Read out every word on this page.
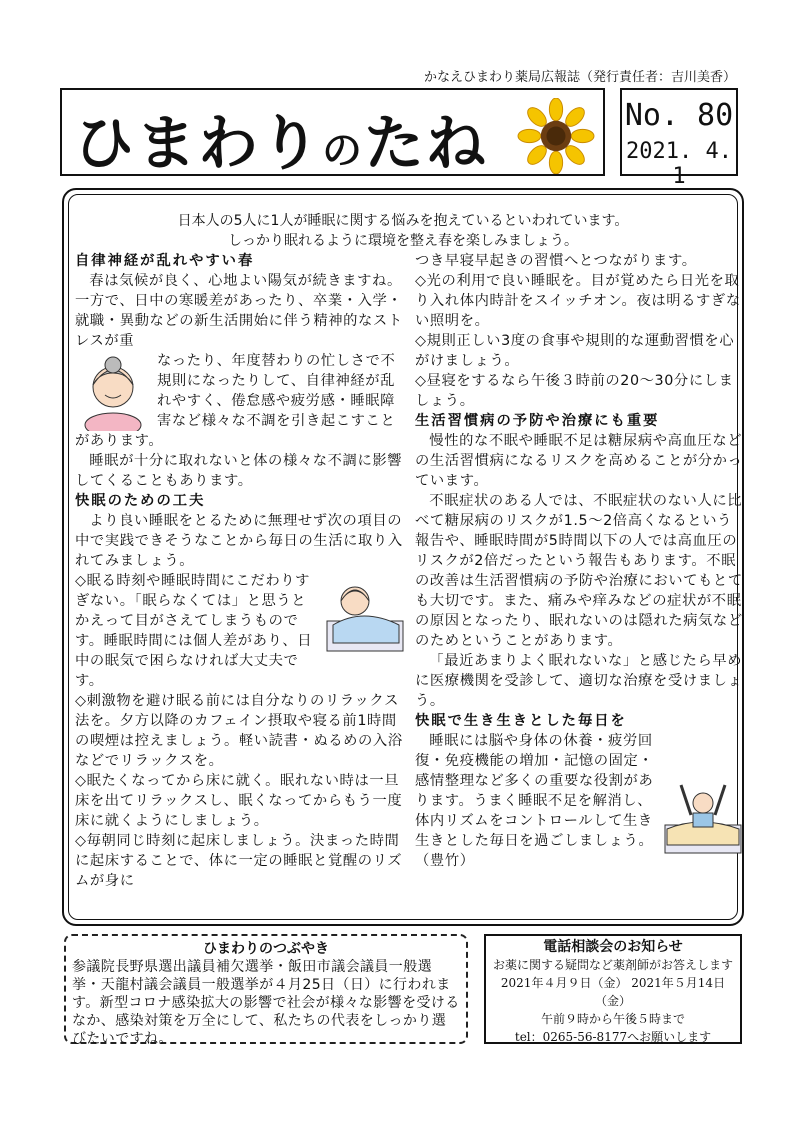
かなえひまわり薬局広報誌（発行責任者：吉川美香）
ひまわりのたね	No. 80
2021. 4. 1
日本人の5人に1人が睡眠に関する悩みを抱えているといわれています。
しっかり眠れるように環境を整え春を楽しみましょう。

自律神経が乱れやすい春

春は気候が良く、心地よい陽気が続きますね。一方で、日中の寒暖差があったり、卒業・入学・就職・異動などの新生活開始に伴う精神的なストレスが重

なったり、年度替わりの忙しさで不規則になったりして、自律神経が乱れやすく、倦怠感や疲労感・睡眠障害など様々な不調を引き起こすことがあります。

睡眠が十分に取れないと体の様々な不調に影響してくることもあります。

快眠のための工夫

より良い睡眠をとるために無理せず次の項目の中で実践できそうなことから毎日の生活に取り入れてみましょう。

◇眠る時刻や睡眠時間にこだわりすぎない。「眠らなくては」と思うとかえって目がさえてしまうものです。睡眠時間には個人差があり、日中の眠気で困らなければ大丈夫です。

◇刺激物を避け眠る前には自分なりのリラックス法を。夕方以降のカフェイン摂取や寝る前1時間の喫煙は控えましょう。軽い読書・ぬるめの入浴などでリラックスを。

◇眠たくなってから床に就く。眠れない時は一旦床を出てリラックスし、眠くなってからもう一度床に就くようにしましょう。

◇毎朝同じ時刻に起床しましょう。決まった時間に起床することで、体に一定の睡眠と覚醒のリズムが身に

つき早寝早起きの習慣へとつながります。

◇光の利用で良い睡眠を。目が覚めたら日光を取り入れ体内時計をスイッチオン。夜は明るすぎない照明を。

◇規則正しい3度の食事や規則的な運動習慣を心がけましょう。

◇昼寝をするなら午後３時前の20～30分にしましょう。

生活習慣病の予防や治療にも重要

慢性的な不眠や睡眠不足は糖尿病や高血圧などの生活習慣病になるリスクを高めることが分かっています。

不眠症状のある人では、不眠症状のない人に比べて糖尿病のリスクが1.5～2倍高くなるという報告や、睡眠時間が5時間以下の人では高血圧のリスクが2倍だったという報告もあります。不眠の改善は生活習慣病の予防や治療においてもとても大切です。また、痛みや痒みなどの症状が不眠の原因となったり、眠れないのは隠れた病気などのためということがあります。

「最近あまりよく眠れないな」と感じたら早めに医療機関を受診して、適切な治療を受けましょう。

快眠で生き生きとした毎日を

睡眠には脳や身体の休養・疲労回復・免疫機能の増加・記憶の固定・感情整理など多くの重要な役割があります。うまく睡眠不足を解消し、体内リズムをコントロールして生き生きとした毎日を過ごしましょう。（豊竹）

ひまわりのつぶやき
参議院長野県選出議員補欠選挙・飯田市議会議員一般選挙・天龍村議会議員一般選挙が４月25日（日）に行われます。新型コロナ感染拡大の影響で社会が様々な影響を受けるなか、感染対策を万全にして、私たちの代表をしっかり選びたいですね。
電話相談会のお知らせ
お薬に関する疑問など薬剤師がお答えします
2021年４月９日（金） 2021年５月14日（金）
午前９時から午後５時まで
tel：0265-56-8177へお願いします
